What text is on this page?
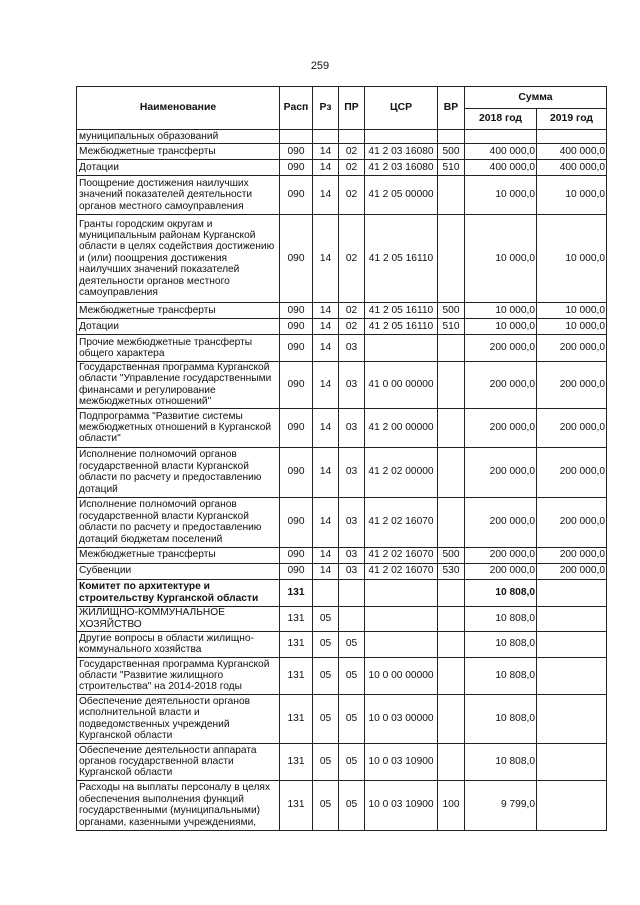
259
Наименование	Расп	Рз	ПР	ЦСР	ВР	Сумма	
						2018 год	2019 год
муниципальных образований							
Межбюджетные трансферты	090	14	02	41 2 03 16080	500	400 000,0	400 000,0
Дотации	090	14	02	41 2 03 16080	510	400 000,0	400 000,0
Поощрение достижения наилучших значений показателей деятельности органов местного самоуправления	090	14	02	41 2 05 00000		10 000,0	10 000,0
Гранты городским округам и муниципальным районам Курганской области в целях содействия достижению и (или) поощрения достижения наилучших значений показателей деятельности органов местного самоуправления	090	14	02	41 2 05 16110		10 000,0	10 000,0
Межбюджетные трансферты	090	14	02	41 2 05 16110	500	10 000,0	10 000,0
Дотации	090	14	02	41 2 05 16110	510	10 000,0	10 000,0
Прочие межбюджетные трансферты общего характера	090	14	03			200 000,0	200 000,0
Государственная программа Курганской области "Управление государственными финансами и регулирование межбюджетных отношений"	090	14	03	41 0 00 00000		200 000,0	200 000,0
Подпрограмма "Развитие системы межбюджетных отношений в Курганской области"	090	14	03	41 2 00 00000		200 000,0	200 000,0
Исполнение полномочий органов государственной власти Курганской области по расчету и предоставлению дотаций	090	14	03	41 2 02 00000		200 000,0	200 000,0
Исполнение полномочий органов государственной власти Курганской области по расчету и предоставлению дотаций бюджетам поселений	090	14	03	41 2 02 16070		200 000,0	200 000,0
Межбюджетные трансферты	090	14	03	41 2 02 16070	500	200 000,0	200 000,0
Субвенции	090	14	03	41 2 02 16070	530	200 000,0	200 000,0
Комитет по архитектуре и строительству Курганской области	131					10 808,0	
ЖИЛИЩНО-КОММУНАЛЬНОЕ ХОЗЯЙСТВО	131	05				10 808,0	
Другие вопросы в области жилищно-коммунального хозяйства	131	05	05			10 808,0	
Государственная программа Курганской области "Развитие жилищного строительства" на 2014-2018 годы	131	05	05	10 0 00 00000		10 808,0	
Обеспечение деятельности органов исполнительной власти и подведомственных учреждений Курганской области	131	05	05	10 0 03 00000		10 808,0	
Обеспечение деятельности аппарата органов государственной власти Курганской области	131	05	05	10 0 03 10900		10 808,0	
Расходы на выплаты персоналу в целях обеспечения выполнения функций государственными (муниципальными) органами, казенными учреждениями,	131	05	05	10 0 03 10900	100	9 799,0	
